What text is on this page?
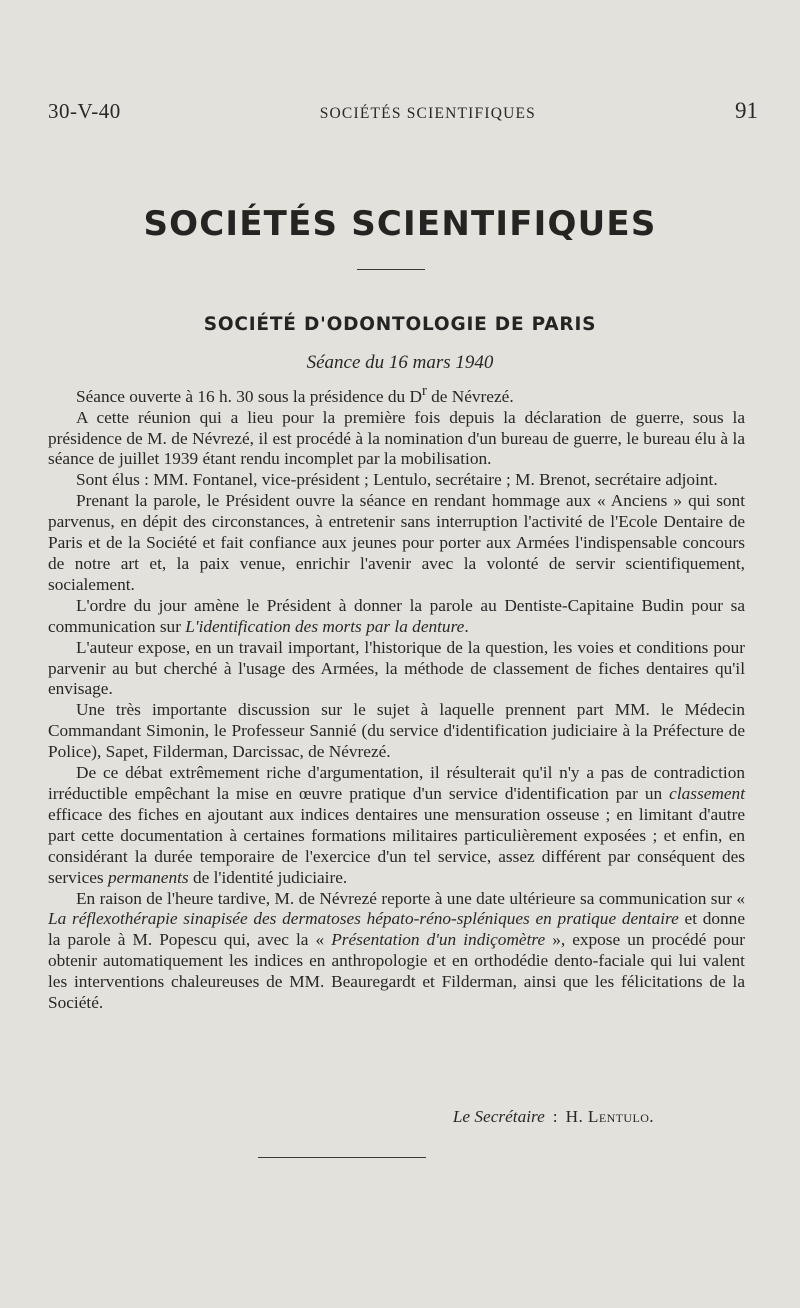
30-V-40	SOCIÉTÉS SCIENTIFIQUES	91
SOCIÉTÉS SCIENTIFIQUES
SOCIÉTÉ D'ODONTOLOGIE DE PARIS
Séance du 16 mars 1940

Séance ouverte à 16 h. 30 sous la présidence du $D^r$ de Névrezé.

A cette réunion qui a lieu pour la première fois depuis la déclaration de guerre, sous la présidence de M. de Névrezé, il est procédé à la nomination d'un bureau de guerre, le bureau élu à la séance de juillet 1939 étant rendu incomplet par la mobilisation.

Sont élus : MM. Fontanel, vice-président ; Lentulo, secrétaire ; M. Brenot, secrétaire adjoint.

Prenant la parole, le Président ouvre la séance en rendant hommage aux « Anciens » qui sont parvenus, en dépit des circonstances, à entretenir sans interruption l'activité de l'Ecole Dentaire de Paris et de la Société et fait confiance aux jeunes pour porter aux Armées l'indispensable concours de notre art et, la paix venue, enrichir l'avenir avec la volonté de servir scientifiquement, socialement.

L'ordre du jour amène le Président à donner la parole au Dentiste-Capitaine Budin pour sa communication sur L'identification des morts par la denture.

L'auteur expose, en un travail important, l'historique de la question, les voies et conditions pour parvenir au but cherché à l'usage des Armées, la méthode de classement de fiches dentaires qu'il envisage.

Une très importante discussion sur le sujet à laquelle prennent part MM. le Médecin Commandant Simonin, le Professeur Sannié (du service d'identification judiciaire à la Préfecture de Police), Sapet, Filderman, Darcissac, de Névrezé.

De ce débat extrêmement riche d'argumentation, il résulterait qu'il n'y a pas de contradiction irréductible empêchant la mise en œuvre pratique d'un service d'identification par un classement efficace des fiches en ajoutant aux indices dentaires une mensuration osseuse ; en limitant d'autre part cette documentation à certaines formations militaires particulièrement exposées ; et enfin, en considérant la durée temporaire de l'exercice d'un tel service, assez différent par conséquent des services permanents de l'identité judiciaire.

En raison de l'heure tardive, M. de Névrezé reporte à une date ultérieure sa communication sur « La réflexothérapie sinapisée des dermatoses hépato-réno-spléniques en pratique dentaire et donne la parole à M. Popescu qui, avec la « Présentation d'un indiçomètre », expose un procédé pour obtenir automatiquement les indices en anthropologie et en orthodédie dento-faciale qui lui valent les interventions chaleureuses de MM. Beauregardt et Filderman, ainsi que les félicitations de la Société.

Le Secrétaire : H. Lentulo.
